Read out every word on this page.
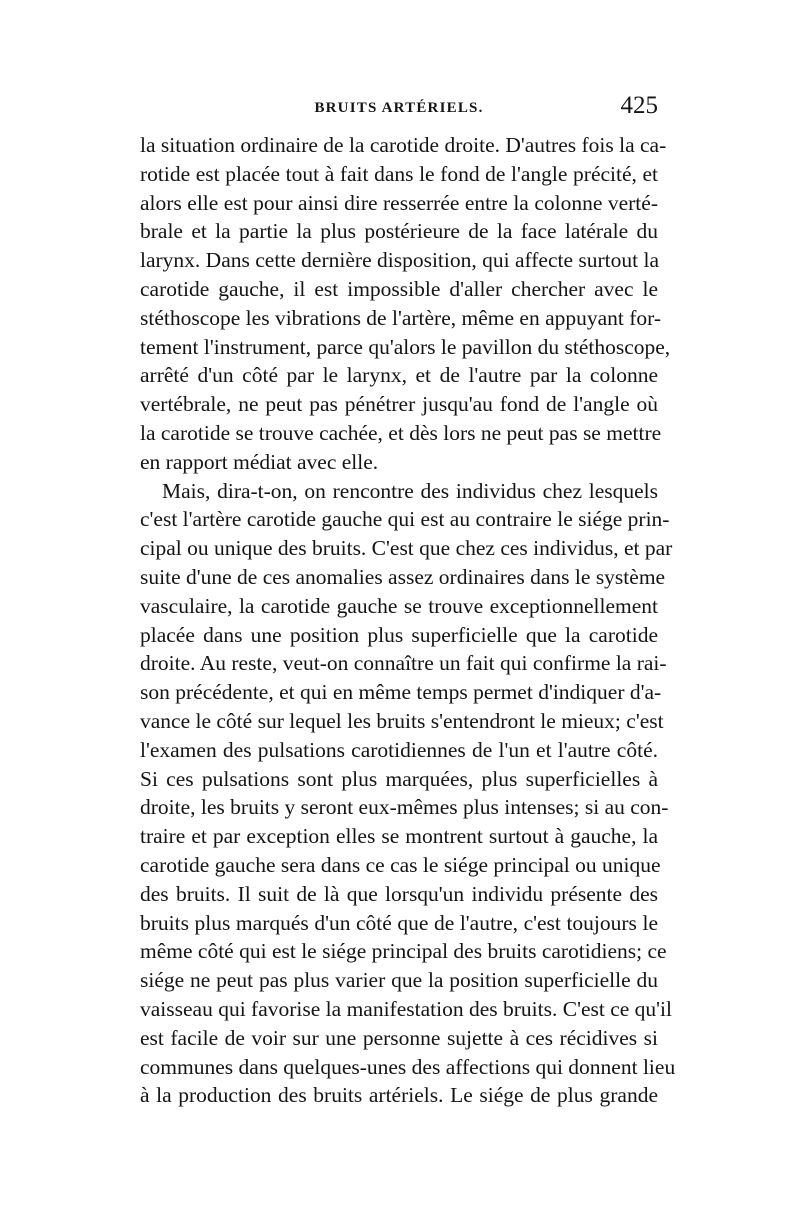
BRUITS ARTÉRIELS.	425
la situation ordinaire de la carotide droite. D'autres fois la ca-
rotide est placée tout à fait dans le fond de l'angle précité, et
alors elle est pour ainsi dire resserrée entre la colonne verté-
brale et la partie la plus postérieure de la face latérale du
larynx. Dans cette dernière disposition, qui affecte surtout la
carotide gauche, il est impossible d'aller chercher avec le
stéthoscope les vibrations de l'artère, même en appuyant for-
tement l'instrument, parce qu'alors le pavillon du stéthoscope,
arrêté d'un côté par le larynx, et de l'autre par la colonne
vertébrale, ne peut pas pénétrer jusqu'au fond de l'angle où
la carotide se trouve cachée, et dès lors ne peut pas se mettre
en rapport médiat avec elle.
Mais, dira-t-on, on rencontre des individus chez lesquels
c'est l'artère carotide gauche qui est au contraire le siége prin-
cipal ou unique des bruits. C'est que chez ces individus, et par
suite d'une de ces anomalies assez ordinaires dans le système
vasculaire, la carotide gauche se trouve exceptionnellement
placée dans une position plus superficielle que la carotide
droite. Au reste, veut-on connaître un fait qui confirme la rai-
son précédente, et qui en même temps permet d'indiquer d'a-
vance le côté sur lequel les bruits s'entendront le mieux; c'est
l'examen des pulsations carotidiennes de l'un et l'autre côté.
Si ces pulsations sont plus marquées, plus superficielles à
droite, les bruits y seront eux-mêmes plus intenses; si au con-
traire et par exception elles se montrent surtout à gauche, la
carotide gauche sera dans ce cas le siége principal ou unique
des bruits. Il suit de là que lorsqu'un individu présente des
bruits plus marqués d'un côté que de l'autre, c'est toujours le
même côté qui est le siége principal des bruits carotidiens; ce
siége ne peut pas plus varier que la position superficielle du
vaisseau qui favorise la manifestation des bruits. C'est ce qu'il
est facile de voir sur une personne sujette à ces récidives si
communes dans quelques-unes des affections qui donnent lieu
à la production des bruits artériels. Le siége de plus grande
